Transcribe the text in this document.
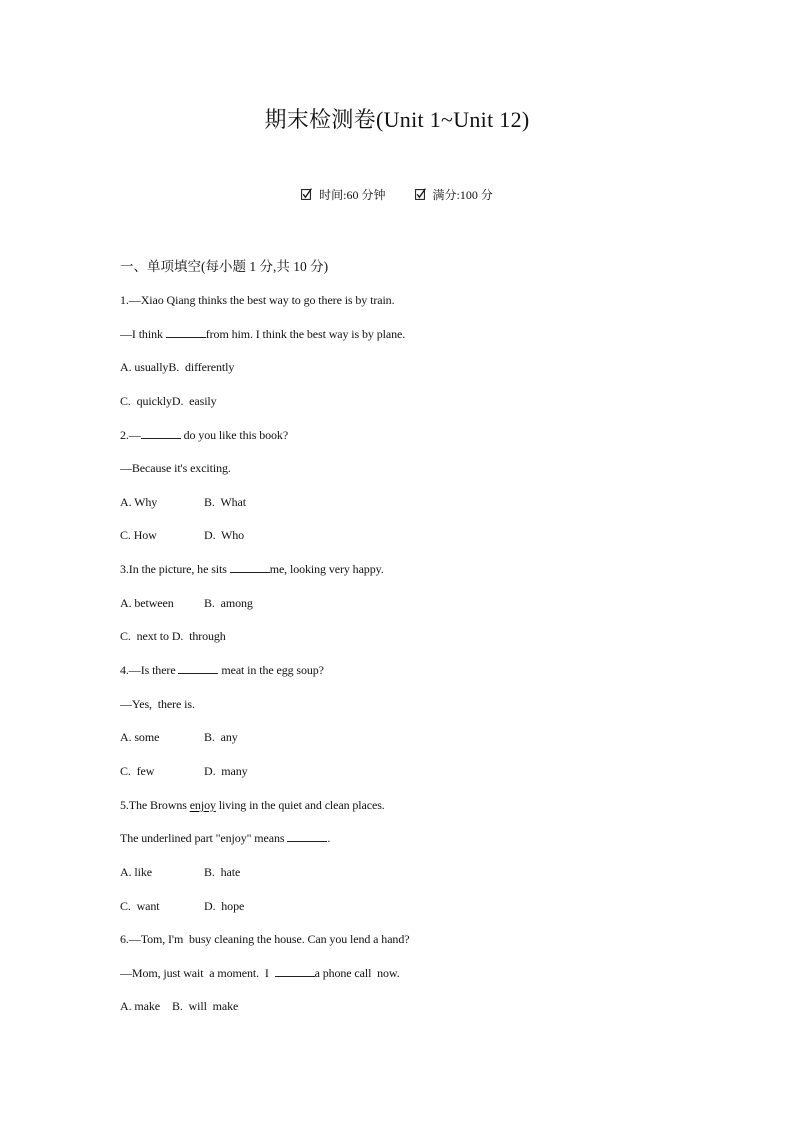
期末检测卷(Unit 1~Unit 12)
时间:60 分钟
	满分:100 分
一、单项填空(每小题 1 分,共 10 分)
1.—Xiao Qiang thinks the best way to go there is by train.
—I think	from him. I think the best way is by plane.
A. usuallyB.  differently
C.  quicklyD.  easily
2.—	do you like this book?
—Because it's exciting.
A. Why	B.  What
C. How	D.  Who
3.In the picture, he sits	me, looking very happy.
A. between	B.  among
C.  next to D.  through
4.—Is there	meat in the egg soup?
—Yes,  there is.
A. some	B.  any
C.  few	D.  many
5.The Browns enjoy living in the quiet and clean places.
The underlined part "enjoy" means	.
A. like	B.  hate
C.  want	D.  hope
6.—Tom, I'm  busy cleaning the house. Can you lend a hand?
—Mom, just wait  a moment.  I	a phone call  now.
A. make B.  will  make
